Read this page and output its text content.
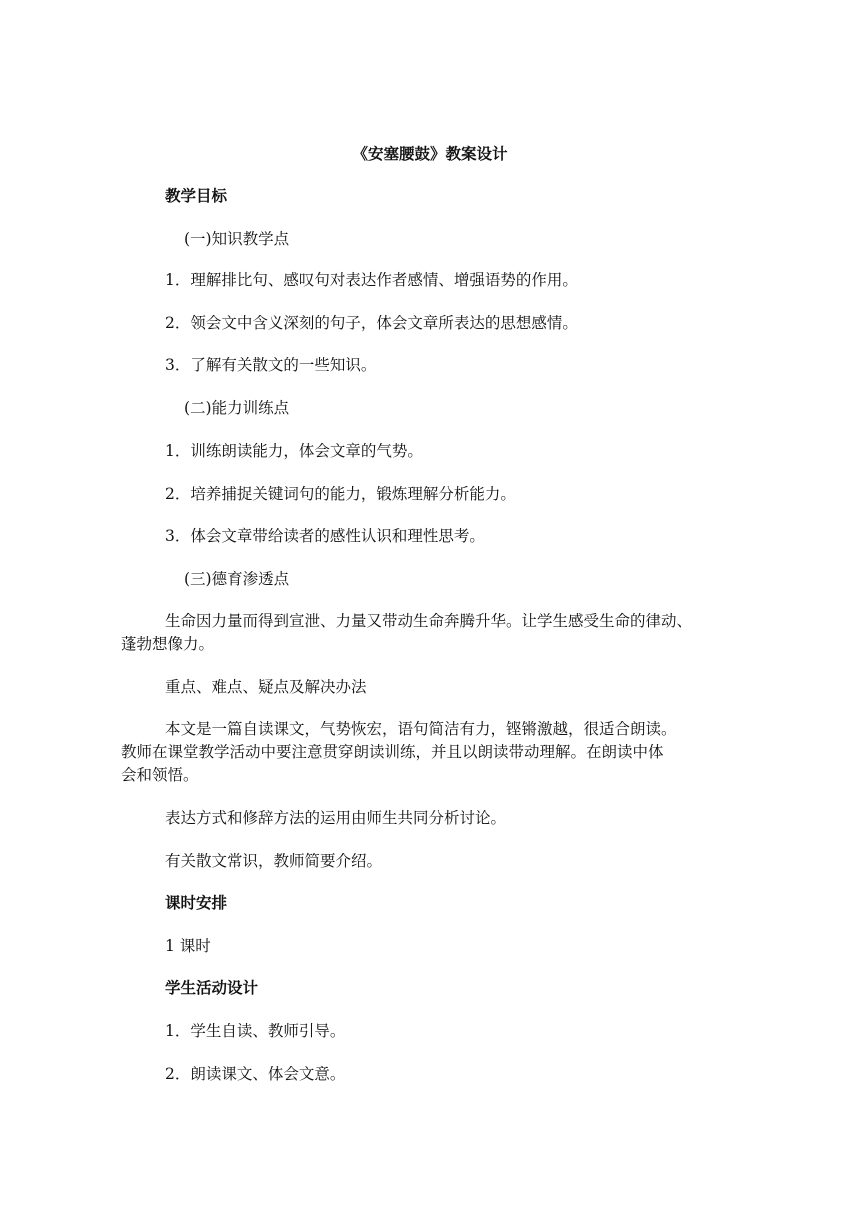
《安塞腰鼓》教案设计
教学目标
(一)知识教学点
1．理解排比句、感叹句对表达作者感情、增强语势的作用。
2．领会文中含义深刻的句子，体会文章所表达的思想感情。
3．了解有关散文的一些知识。
(二)能力训练点
1．训练朗读能力，体会文章的气势。
2．培养捕捉关键词句的能力，锻炼理解分析能力。
3．体会文章带给读者的感性认识和理性思考。
(三)德育渗透点
生命因力量而得到宣泄、力量又带动生命奔腾升华。让学生感受生命的律动、
蓬勃想像力。
重点、难点、疑点及解决办法
本文是一篇自读课文，气势恢宏，语句简洁有力，铿锵激越，很适合朗读。
教师在课堂教学活动中要注意贯穿朗读训练，并且以朗读带动理解。在朗读中体
会和领悟。
表达方式和修辞方法的运用由师生共同分析讨论。
有关散文常识，教师简要介绍。
课时安排
1 课时
学生活动设计
1．学生自读、教师引导。
2．朗读课文、体会文意。
